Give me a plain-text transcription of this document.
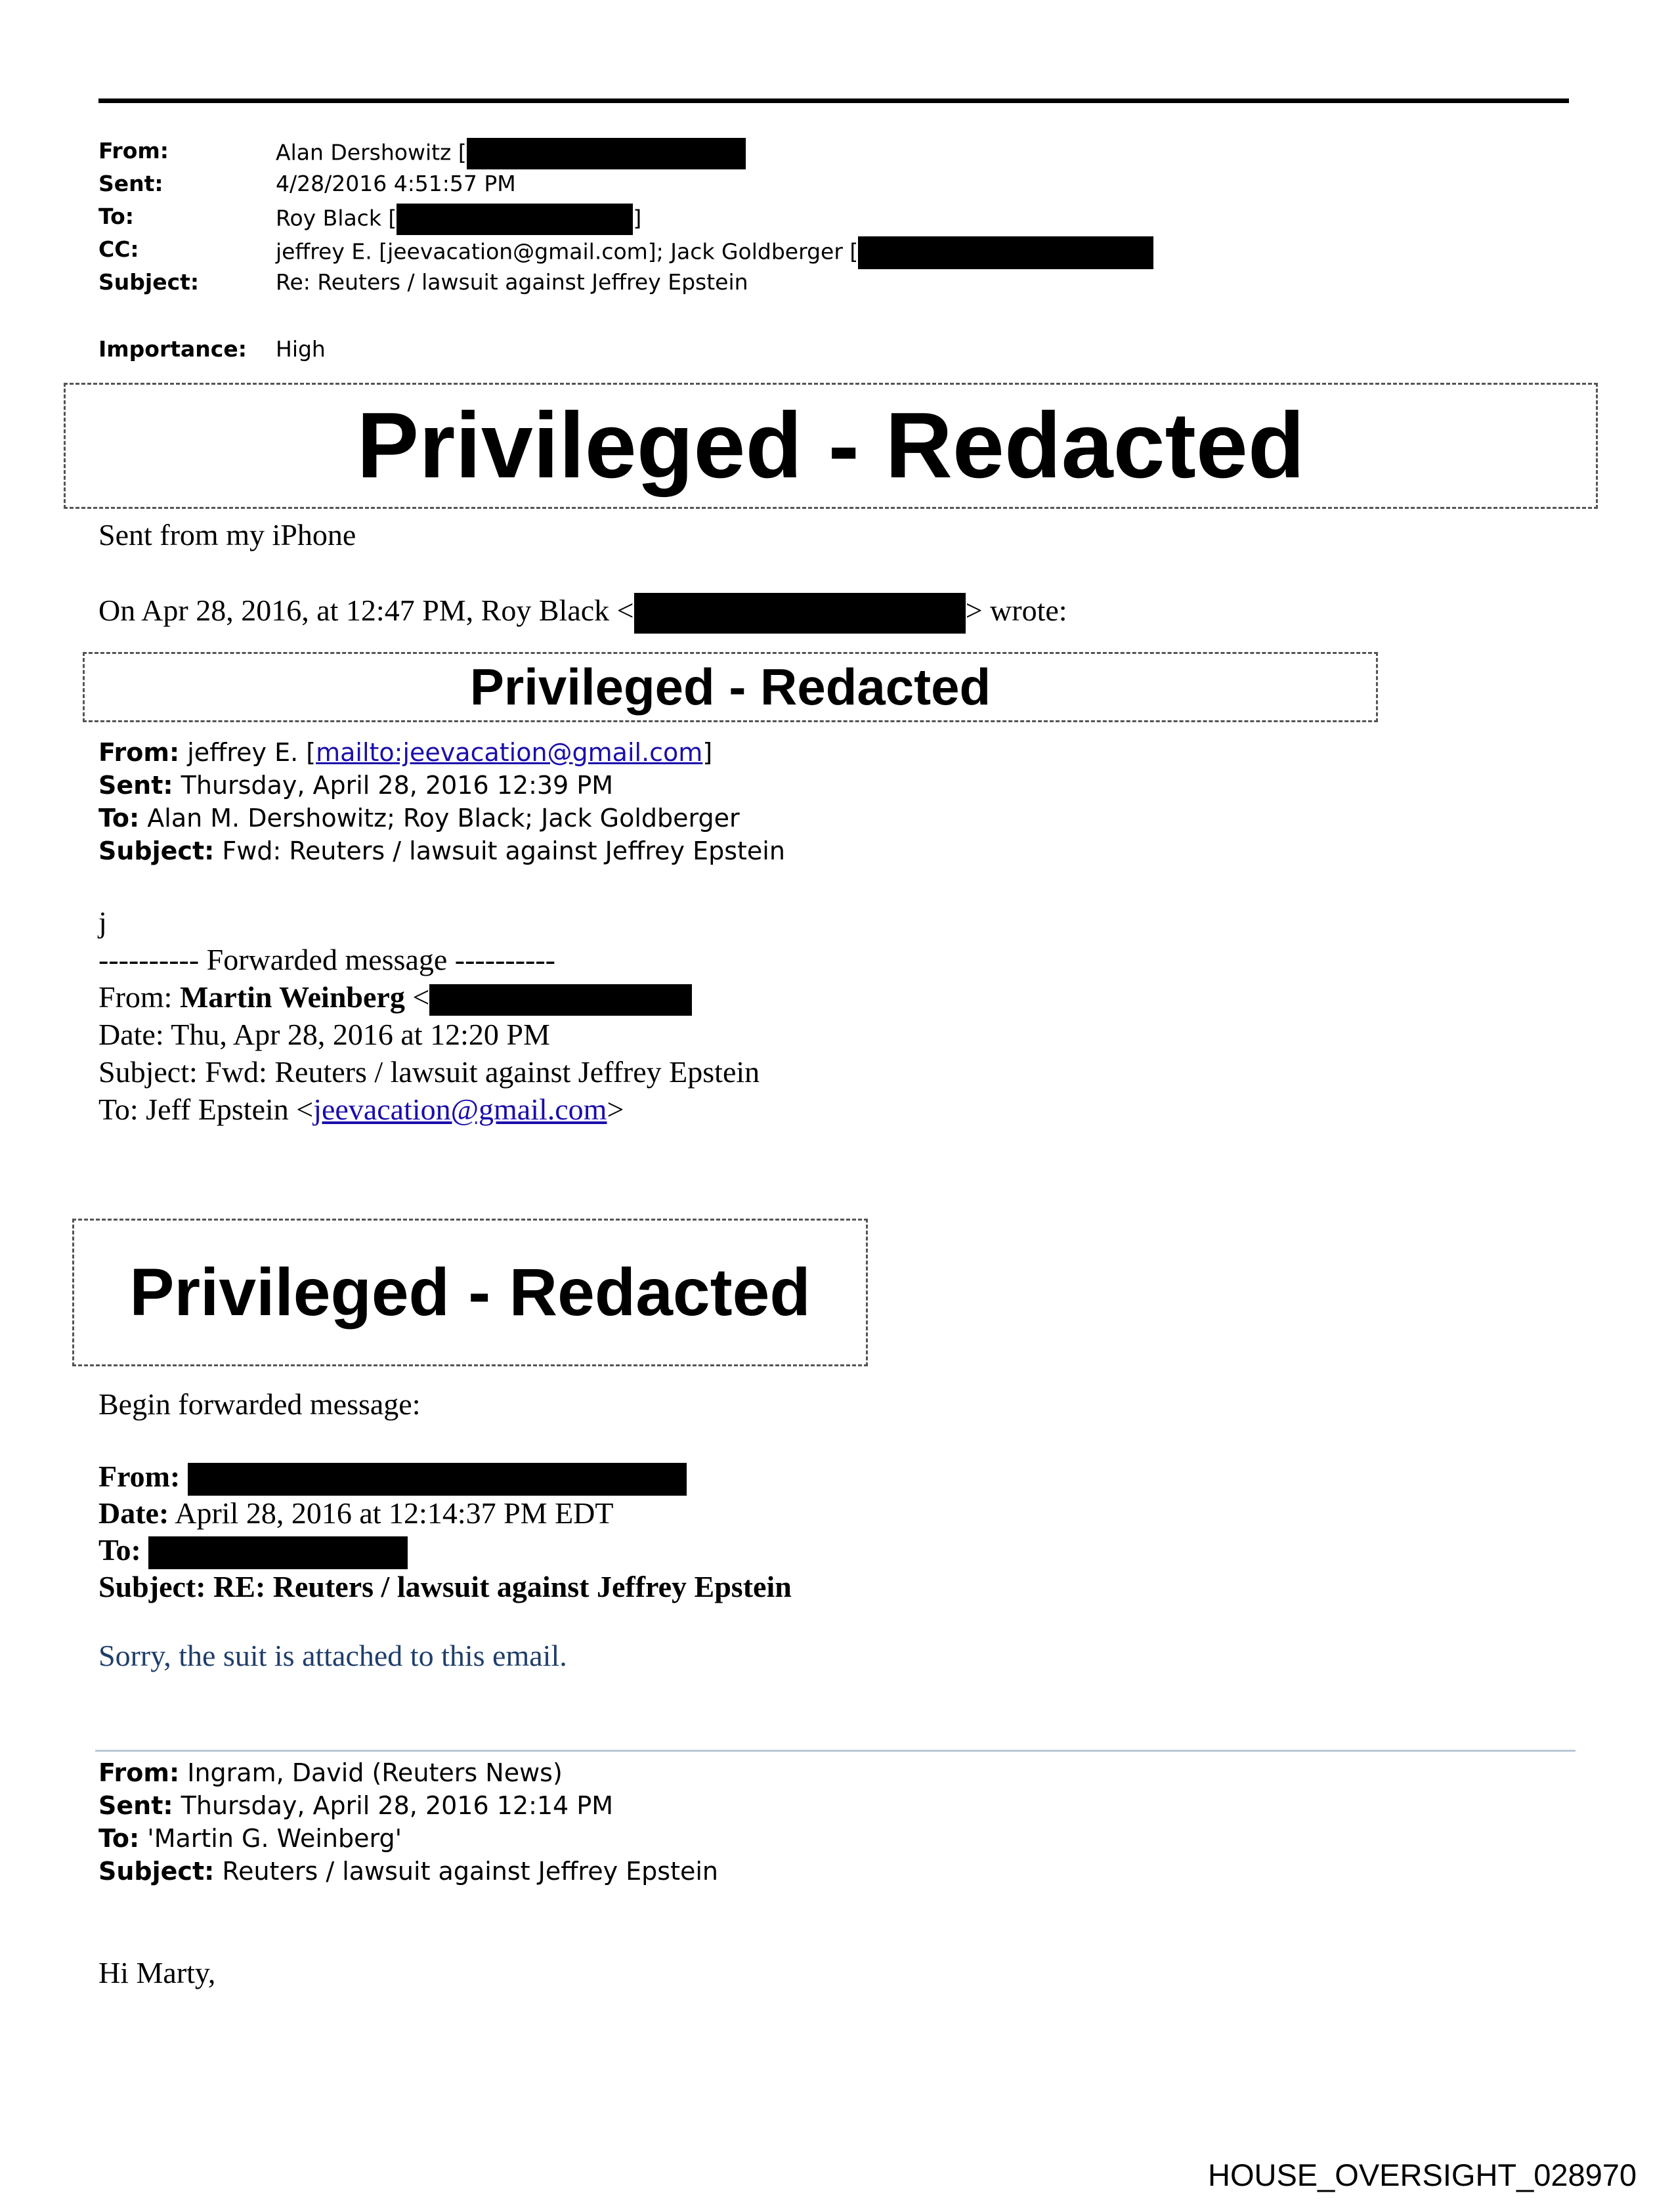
From:	Alan Dershowitz [
Sent:	4/28/2016 4:51:57 PM
To:	Roy Black [	]
CC:	jeffrey E. [jeevacation@gmail.com]; Jack Goldberger [
Subject:	Re: Reuters / lawsuit against Jeffrey Epstein
Importance: High
Privileged - Redacted
Sent from my iPhone
On Apr 28, 2016, at 12:47 PM, Roy Black <	> wrote:
Privileged - Redacted
From: jeffrey E. [mailto:jeevacation@gmail.com]
Sent: Thursday, April 28, 2016 12:39 PM
To: Alan M. Dershowitz; Roy Black; Jack Goldberger
Subject: Fwd: Reuters / lawsuit against Jeffrey Epstein
j
---------- Forwarded message ----------
From: Martin Weinberg <
Date: Thu, Apr 28, 2016 at 12:20 PM
Subject: Fwd: Reuters / lawsuit against Jeffrey Epstein
To: Jeff Epstein <jeevacation@gmail.com>
Privileged - Redacted
Begin forwarded message:
From:
Date: April 28, 2016 at 12:14:37 PM EDT
To:
Subject: RE: Reuters / lawsuit against Jeffrey Epstein
Sorry, the suit is attached to this email.
From: Ingram, David (Reuters News)
Sent: Thursday, April 28, 2016 12:14 PM
To: 'Martin G. Weinberg'
Subject: Reuters / lawsuit against Jeffrey Epstein
Hi Marty,
HOUSE_OVERSIGHT_028970
